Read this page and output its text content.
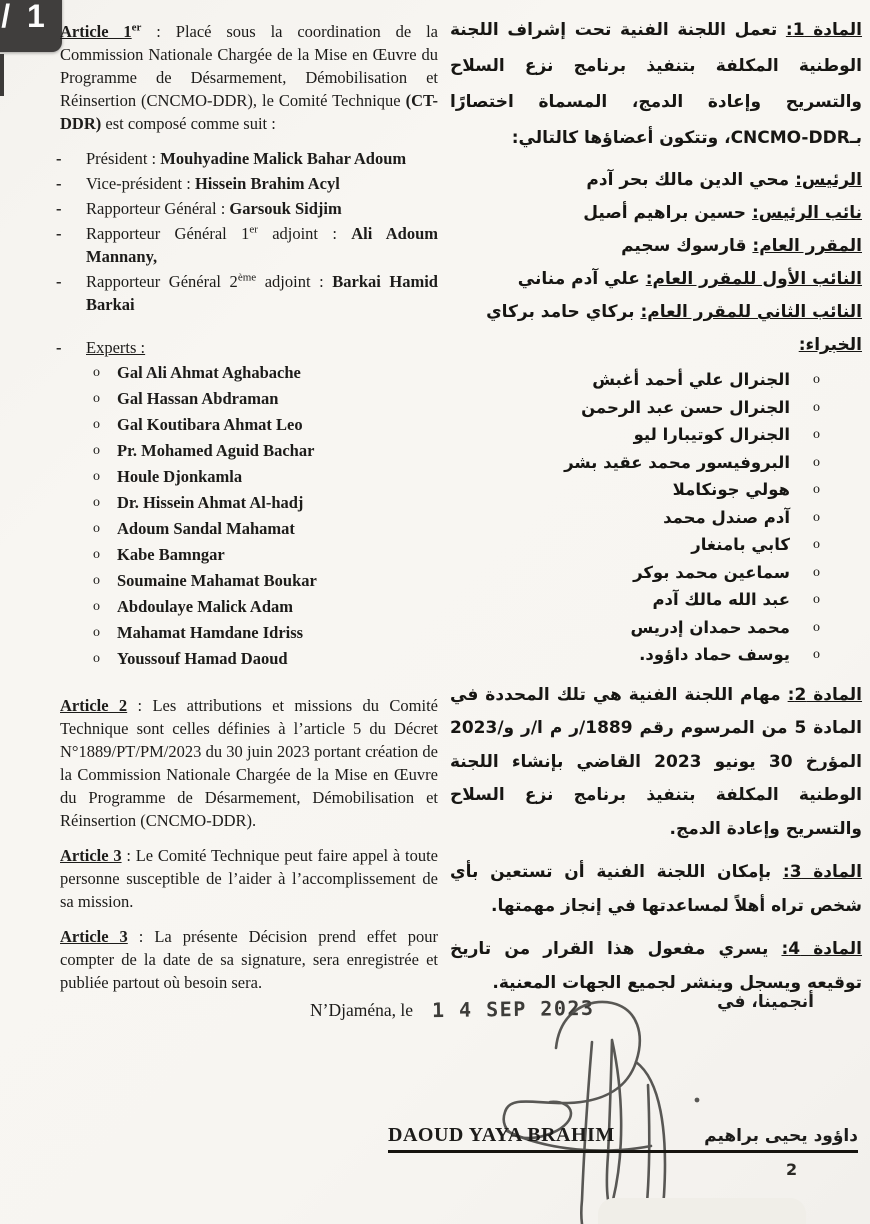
/ 1 Article 1er : Placé sous la coordination de la Commission Nationale Chargée de la Mise en Œuvre du Programme de Désarmement, Démobilisation et Réinsertion (CNCMO-DDR), le Comité Technique (CT-DDR) est composé comme suit :

-	Président : Mouhyadine Malick Bahar Adoum
-	Vice-président : Hissein Brahim Acyl
-	Rapporteur Général : Garsouk Sidjim
-	Rapporteur Général 1er adjoint : Ali Adoum Mannany,
-	Rapporteur Général 2ème adjoint : Barkai Hamid Barkai
-	Experts :
o	Gal Ali Ahmat Aghabache
o	Gal Hassan Abdraman
o	Gal Koutibara Ahmat Leo
o	Pr. Mohamed Aguid Bachar
o	Houle Djonkamla
o	Dr. Hissein Ahmat Al-hadj
o	Adoum Sandal Mahamat
o	Kabe Bamngar
o	Soumaine Mahamat Boukar
o	Abdoulaye Malick Adam
o	Mahamat Hamdane Idriss
o	Youssouf Hamad Daoud

Article 2 : Les attributions et missions du Comité Technique sont celles définies à l’article 5 du Décret N°1889/PT/PM/2023 du 30 juin 2023 portant création de la Commission Nationale Chargée de la Mise en Œuvre du Programme de Désarmement, Démobilisation et Réinsertion (CNCMO-DDR).

Article 3 : Le Comité Technique peut faire appel à toute personne susceptible de l’aider à l’accomplissement de sa mission.

Article 3 : La présente Décision prend effet pour compter de la date de sa signature, sera enregistrée et publiée partout où besoin sera.

المادة 1: تعمل اللجنة الفنية تحت إشراف اللجنة الوطنية المكلفة بتنفيذ برنامج نزع السلاح والتسريح وإعادة الدمج، المسماة اختصارًا بـCNCMO-DDR، وتتكون أعضاؤها كالتالي:

الرئيس: محي الدين مالك بحر آدم
نائب الرئيس: حسين براهيم أصيل
المقرر العام: قارسوك سجيم
النائب الأول للمقرر العام: علي آدم مناني
النائب الثاني للمقرر العام: بركاي حامد بركاي
الخبراء:
o
الجنرال علي أحمد أغبش
o
الجنرال حسن عبد الرحمن
o
الجنرال كوتيبارا ليو
o
البروفيسور محمد عقيد بشر
o
هولي جونكاملا
o
آدم صندل محمد
o
كابي بامنغار
o
سماعين محمد بوكر
o
عبد الله مالك آدم
o
محمد حمدان إدريس
o
يوسف حماد داؤود.

المادة 2: مهام اللجنة الفنية هي تلك المحددة في المادة 5 من المرسوم رقم 1889/ر م ا/ر و/2023 المؤرخ 30 يونيو 2023 القاضي بإنشاء اللجنة الوطنية المكلفة بتنفيذ برنامج نزع السلاح والتسريح وإعادة الدمج.

المادة 3: بإمكان اللجنة الفنية أن تستعين بأي شخص تراه أهلاً لمساعدتها في إنجاز مهمتها.

المادة 4: يسري مفعول هذا القرار من تاريخ توقيعه ويسجل وينشر لجميع الجهات المعنية.

N’Djaména, le 1 4 SEP 2023	أنجمينا، في
DAOUD YAYA BRAHIM	داؤود يحيى براهيم
2
